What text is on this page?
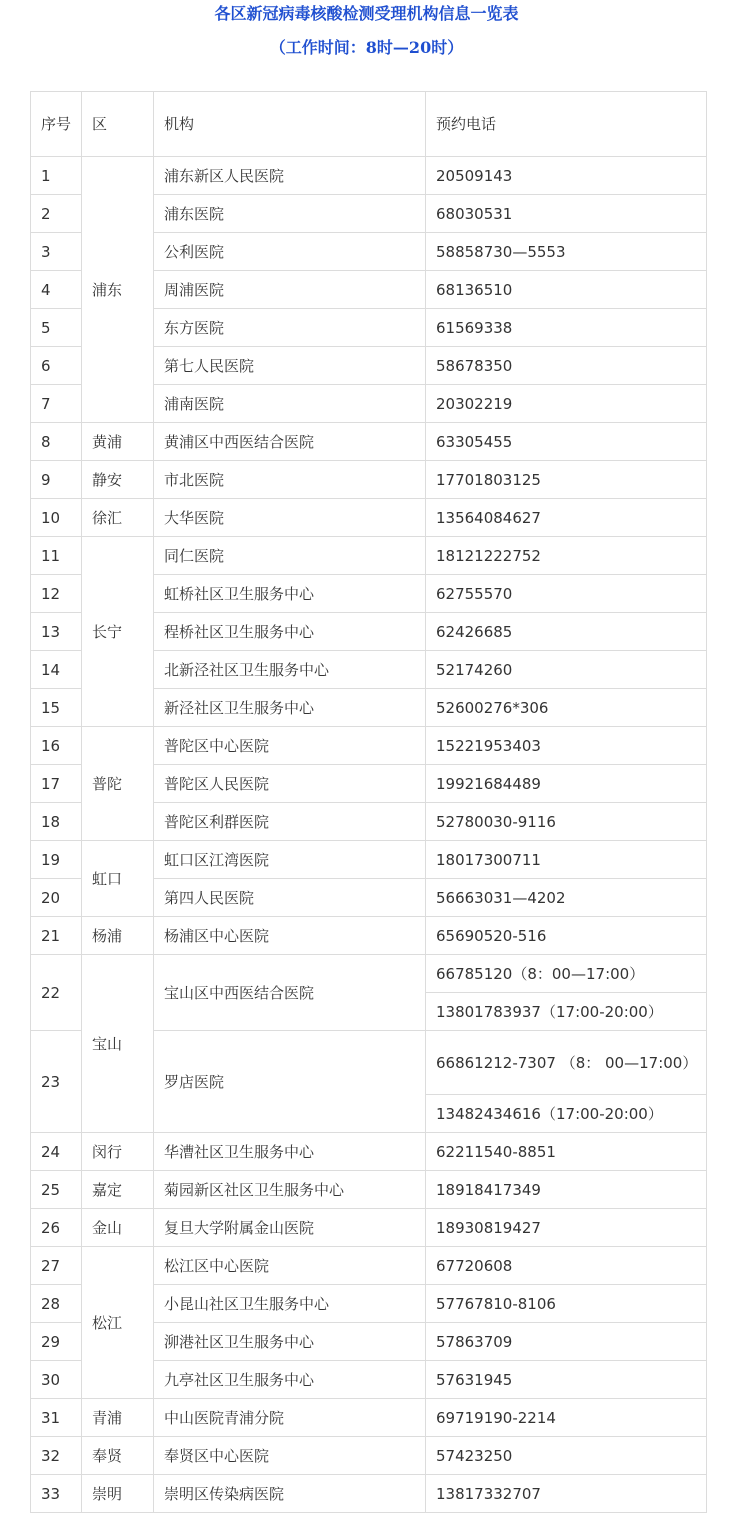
各区新冠病毒核酸检测受理机构信息一览表
（工作时间：8时—20时）
序号	区	机构	预约电话
1	浦东	浦东新区人民医院	20509143
2		浦东医院	68030531
3		公利医院	58858730—5553
4		周浦医院	68136510
5		东方医院	61569338
6		第七人民医院	58678350
7		浦南医院	20302219
8	黄浦	黄浦区中西医结合医院	63305455
9	静安	市北医院	17701803125
10	徐汇	大华医院	13564084627
11	长宁	同仁医院	18121222752
12		虹桥社区卫生服务中心	62755570
13		程桥社区卫生服务中心	62426685
14		北新泾社区卫生服务中心	52174260
15		新泾社区卫生服务中心	52600276*306
16	普陀	普陀区中心医院	15221953403
17		普陀区人民医院	19921684489
18		普陀区利群医院	52780030-9116
19	虹口	虹口区江湾医院	18017300711
20		第四人民医院	56663031—4202
21	杨浦	杨浦区中心医院	65690520-516
22	宝山	宝山区中西医结合医院	66785120（8：00—17:00）
			13801783937（17:00-20:00）
23		罗店医院	66861212-7307 （8： 00—17:00）
			13482434616（17:00-20:00）

24	闵行	华漕社区卫生服务中心	62211540-8851
25	嘉定	菊园新区社区卫生服务中心	18918417349
26	金山	复旦大学附属金山医院	18930819427
27	松江	松江区中心医院	67720608
28		小昆山社区卫生服务中心	57767810-8106
29		泖港社区卫生服务中心	57863709
30		九亭社区卫生服务中心	57631945
31	青浦	中山医院青浦分院	69719190-2214
32	奉贤	奉贤区中心医院	57423250
33	崇明	崇明区传染病医院	13817332707
